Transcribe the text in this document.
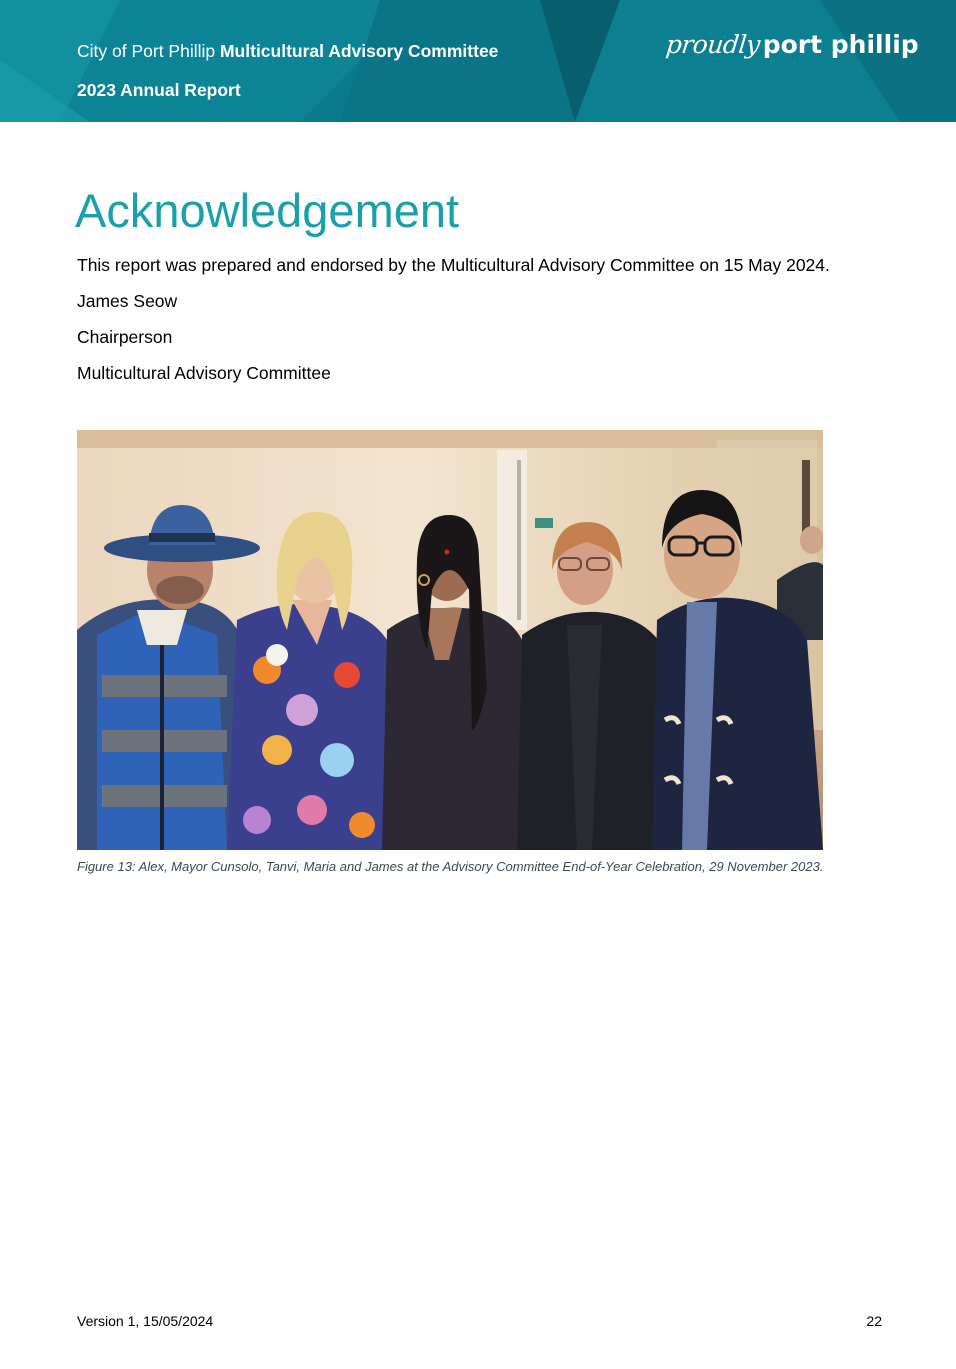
City of Port Phillip Multicultural Advisory Committee
2023 Annual Report
proudlyport phillip
Acknowledgement

This report was prepared and endorsed by the Multicultural Advisory Committee on 15 May 2024.

James Seow

Chairperson

Multicultural Advisory Committee

Figure 13: Alex, Mayor Cunsolo, Tanvi, Maria and James at the Advisory Committee End-of-Year Celebration, 29 November 2023.

Version 1, 15/05/2024	22
